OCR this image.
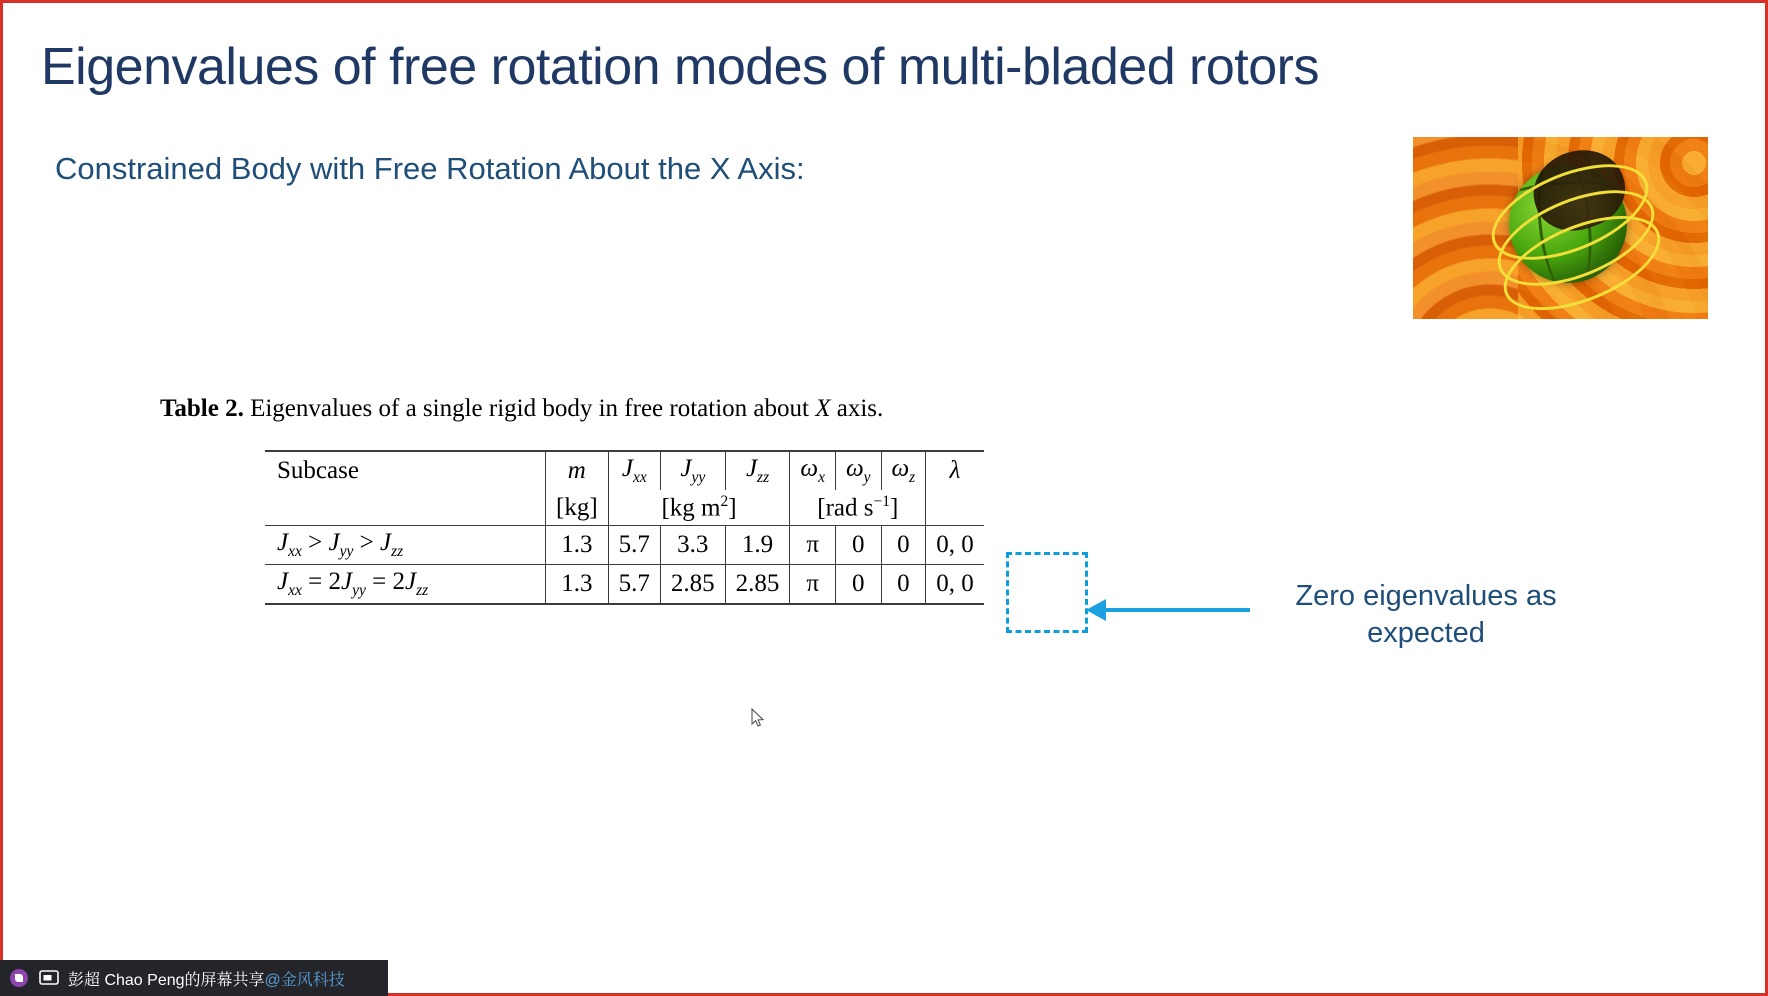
Eigenvalues of free rotation modes of multi-bladed rotors
Constrained Body with Free Rotation About the X Axis:
Table 2. Eigenvalues of a single rigid body in free rotation about X axis.
Subcase	m	$J_{xx}$	$J_{yy}$	$J_{zz}$	$\omega_x$	$\omega_y$	$\omega_z$	λ
	[kg]	[kg $m^2$]			[rad $s^{-1}$]			
$J_{xx} > J_{yy} > J_{zz}$	1.3	5.7	3.3	1.9	π	0	0	0, 0
$J_{xx} = 2J_{yy} = 2J_{zz}$	1.3	5.7	2.85	2.85	π	0	0	0, 0	Zero eigenvalues as expected
彭超 Chao Peng的屏幕共享@金风科技
